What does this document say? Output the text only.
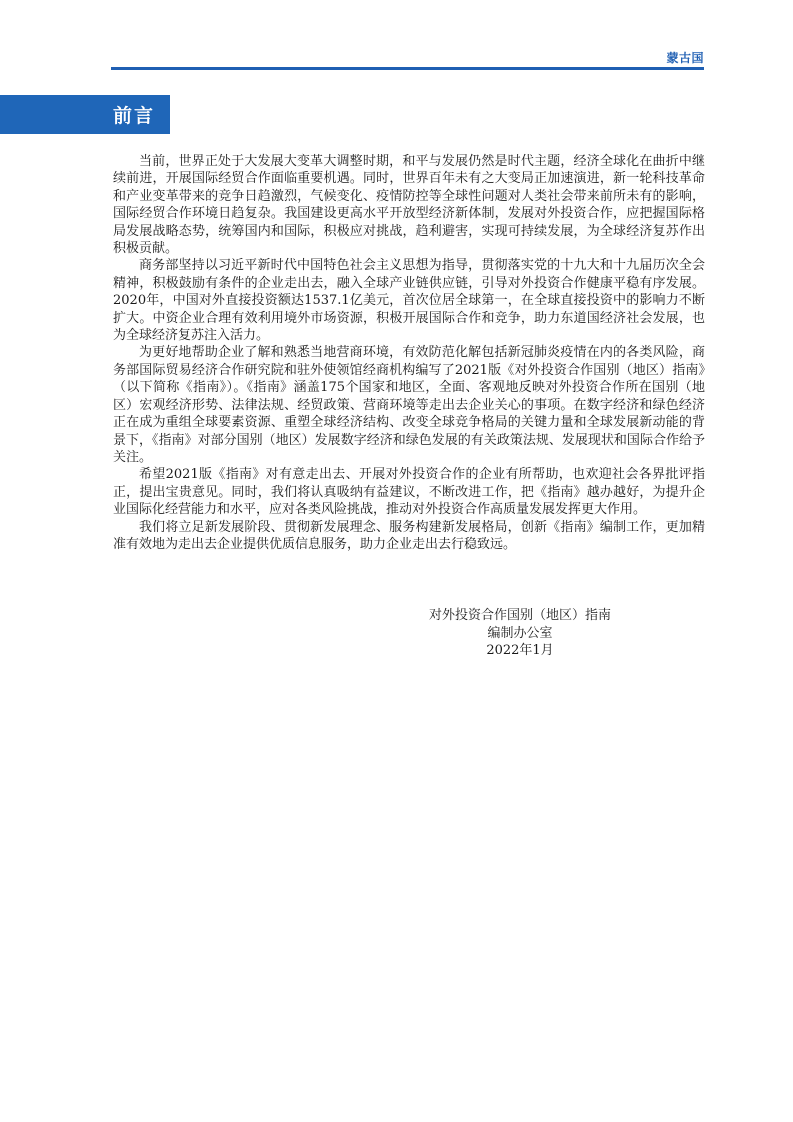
蒙古国
前言

当前，世界正处于大发展大变革大调整时期，和平与发展仍然是时代主题，经济全球化在曲折中继续前进，开展国际经贸合作面临重要机遇。同时，世界百年未有之大变局正加速演进，新一轮科技革命和产业变革带来的竞争日趋激烈，气候变化、疫情防控等全球性问题对人类社会带来前所未有的影响，国际经贸合作环境日趋复杂。我国建设更高水平开放型经济新体制，发展对外投资合作，应把握国际格局发展战略态势，统筹国内和国际，积极应对挑战，趋利避害，实现可持续发展，为全球经济复苏作出积极贡献。

商务部坚持以习近平新时代中国特色社会主义思想为指导，贯彻落实党的十九大和十九届历次全会精神，积极鼓励有条件的企业走出去，融入全球产业链供应链，引导对外投资合作健康平稳有序发展。2020年，中国对外直接投资额达1537.1亿美元，首次位居全球第一，在全球直接投资中的影响力不断扩大。中资企业合理有效利用境外市场资源，积极开展国际合作和竞争，助力东道国经济社会发展，也为全球经济复苏注入活力。

为更好地帮助企业了解和熟悉当地营商环境，有效防范化解包括新冠肺炎疫情在内的各类风险，商务部国际贸易经济合作研究院和驻外使领馆经商机构编写了2021版《对外投资合作国别（地区）指南》（以下简称《指南》）。《指南》涵盖175个国家和地区，全面、客观地反映对外投资合作所在国别（地区）宏观经济形势、法律法规、经贸政策、营商环境等走出去企业关心的事项。在数字经济和绿色经济正在成为重组全球要素资源、重塑全球经济结构、改变全球竞争格局的关键力量和全球发展新动能的背景下，《指南》对部分国别（地区）发展数字经济和绿色发展的有关政策法规、发展现状和国际合作给予关注。

希望2021版《指南》对有意走出去、开展对外投资合作的企业有所帮助，也欢迎社会各界批评指正，提出宝贵意见。同时，我们将认真吸纳有益建议，不断改进工作，把《指南》越办越好，为提升企业国际化经营能力和水平，应对各类风险挑战，推动对外投资合作高质量发展发挥更大作用。

我们将立足新发展阶段、贯彻新发展理念、服务构建新发展格局，创新《指南》编制工作，更加精准有效地为走出去企业提供优质信息服务，助力企业走出去行稳致远。

对外投资合作国别（地区）指南
编制办公室
2022年1月
